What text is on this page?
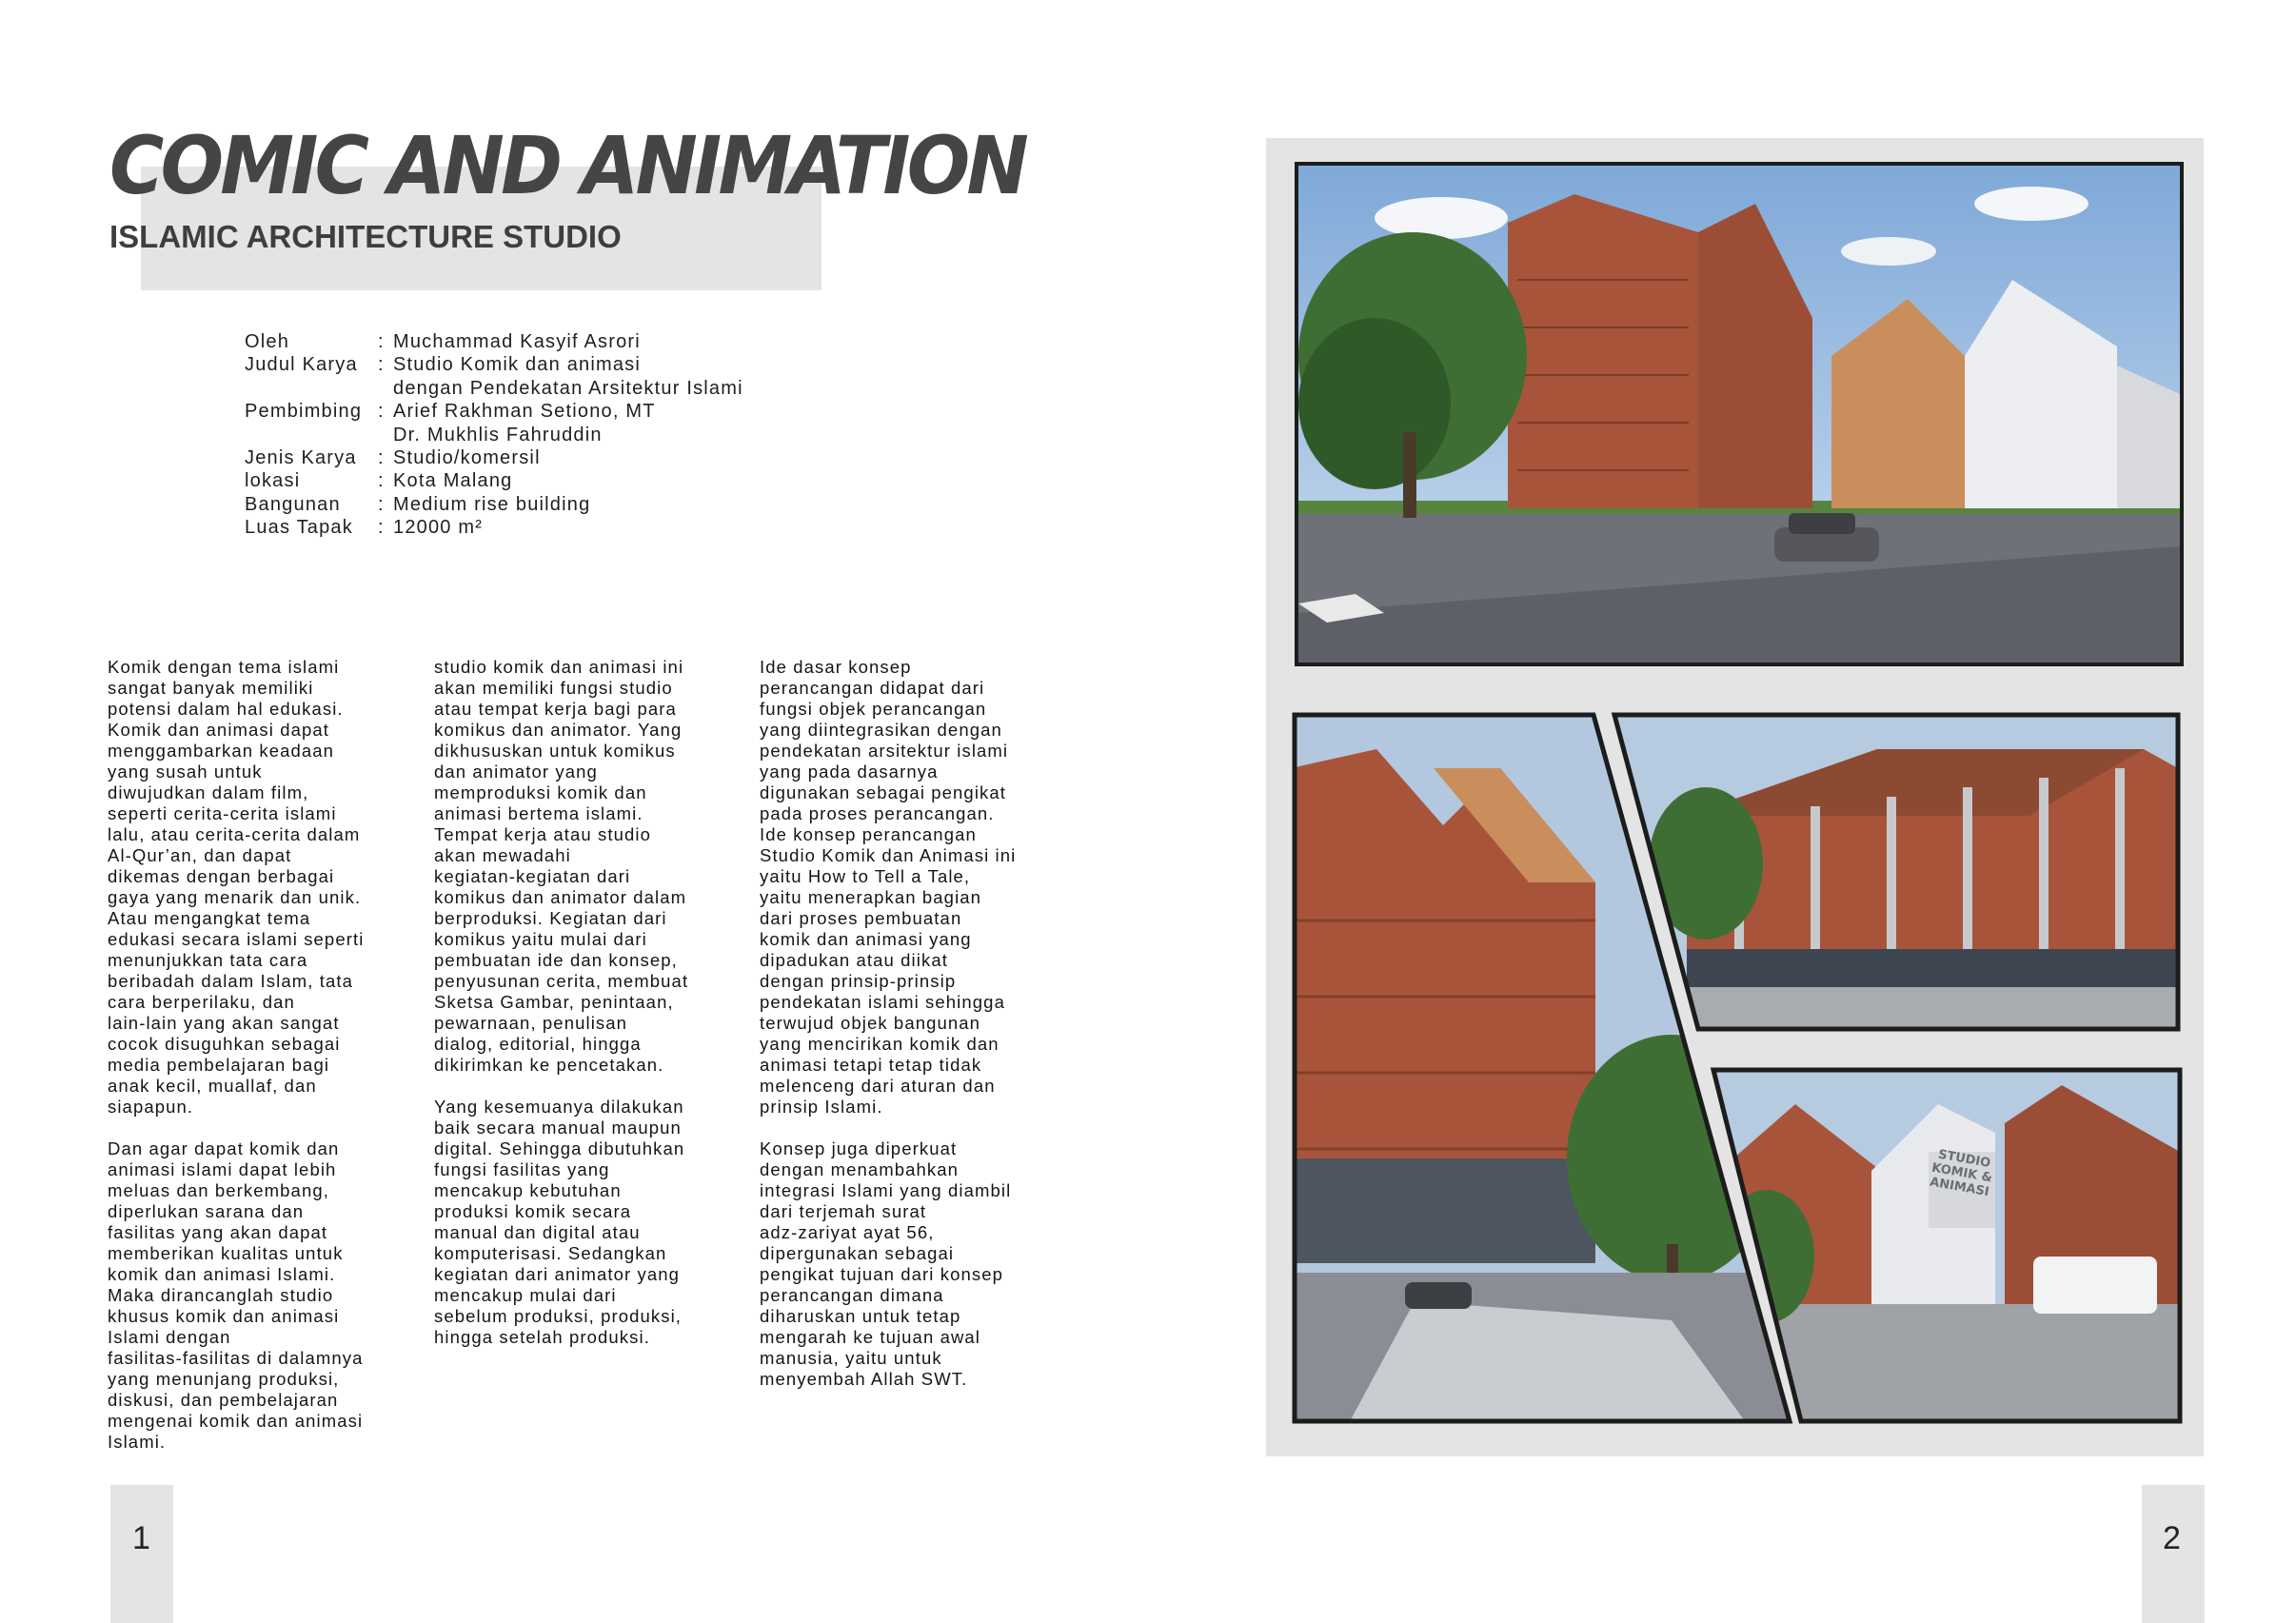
COMIC AND ANIMATION
ISLAMIC ARCHITECTURE STUDIO
Oleh	:	Muchammad Kasyif Asrori
Judul Karya	:	Studio Komik dan animasi
		dengan Pendekatan Arsitektur Islami
Pembimbing	:	Arief Rakhman Setiono, MT
		Dr. Mukhlis Fahruddin
Jenis Karya	:	Studio/komersil
lokasi	:	Kota Malang
Bangunan	:	Medium rise building
Luas Tapak	:	12000 m²

Komik dengan tema islami
sangat banyak memiliki
potensi dalam hal edukasi.
Komik dan animasi dapat
menggambarkan keadaan
yang susah untuk
diwujudkan dalam film,
seperti cerita-cerita islami
lalu, atau cerita-cerita dalam
Al-Qur’an, dan dapat
dikemas dengan berbagai
gaya yang menarik dan unik.
Atau mengangkat tema
edukasi secara islami seperti
menunjukkan tata cara
beribadah dalam Islam, tata
cara berperilaku, dan
lain-lain yang akan sangat
cocok disuguhkan sebagai
media pembelajaran bagi
anak kecil, muallaf, dan
siapapun.

Dan agar dapat komik dan
animasi islami dapat lebih
meluas dan berkembang,
diperlukan sarana dan
fasilitas yang akan dapat
memberikan kualitas untuk
komik dan animasi Islami.
Maka dirancanglah studio
khusus komik dan animasi
Islami dengan
fasilitas-fasilitas di dalamnya
yang menunjang produksi,
diskusi, dan pembelajaran
mengenai komik dan animasi
Islami.

studio komik dan animasi ini
akan memiliki fungsi studio
atau tempat kerja bagi para
komikus dan animator. Yang
dikhususkan untuk komikus
dan animator yang
memproduksi komik dan
animasi bertema islami.
Tempat kerja atau studio
akan mewadahi
kegiatan-kegiatan dari
komikus dan animator dalam
berproduksi. Kegiatan dari
komikus yaitu mulai dari
pembuatan ide dan konsep,
penyusunan cerita, membuat
Sketsa Gambar, penintaan,
pewarnaan, penulisan
dialog, editorial, hingga
dikirimkan ke pencetakan.

Yang kesemuanya dilakukan
baik secara manual maupun
digital. Sehingga dibutuhkan
fungsi fasilitas yang
mencakup kebutuhan
produksi komik secara
manual dan digital atau
komputerisasi. Sedangkan
kegiatan dari animator yang
mencakup mulai dari
sebelum produksi, produksi,
hingga setelah produksi.

Ide dasar konsep
perancangan didapat dari
fungsi objek perancangan
yang diintegrasikan dengan
pendekatan arsitektur islami
yang pada dasarnya
digunakan sebagai pengikat
pada proses perancangan.
Ide konsep perancangan
Studio Komik dan Animasi ini
yaitu How to Tell a Tale,
yaitu menerapkan bagian
dari proses pembuatan
komik dan animasi yang
dipadukan atau diikat
dengan prinsip-prinsip
pendekatan islami sehingga
terwujud objek bangunan
yang mencirikan komik dan
animasi tetapi tetap tidak
melenceng dari aturan dan
prinsip Islami.

Konsep juga diperkuat
dengan menambahkan
integrasi Islami yang diambil
dari terjemah surat
adz-zariyat ayat 56,
dipergunakan sebagai
pengikat tujuan dari konsep
perancangan dimana
diharuskan untuk tetap
mengarah ke tujuan awal
manusia, yaitu untuk
menyembah Allah SWT.

STUDIO KOMIK & ANIMASI
1	2
